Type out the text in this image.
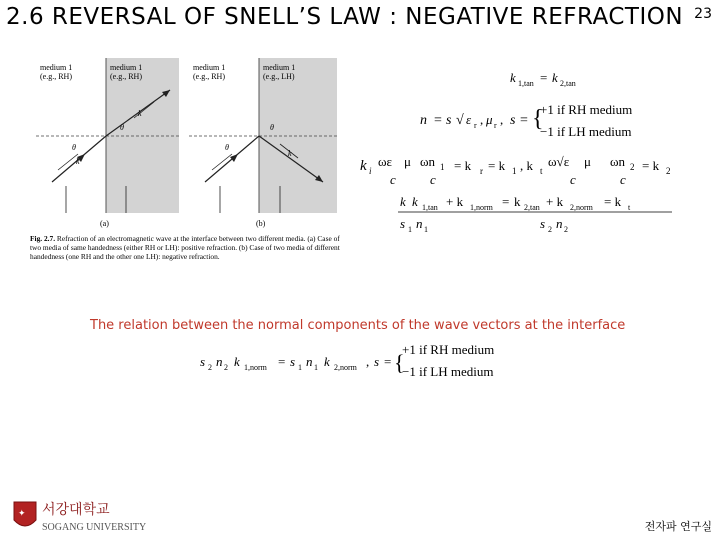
2.6 REVERSAL OF SNELL’S LAW : NEGATIVE REFRACTION 23
θ
k
θ
k
θ
θ
k
medium 1
(e.g., RH)
medium 1
(e.g., RH)
medium 1
(e.g., RH)
medium 1
(e.g., LH)
(a)	(b)
Fig. 2.7. Refraction of an electromagnetic wave at the interface between two different media. (a) Case of two media of same handedness (either RH or LH): positive refraction. (b) Case of two media of different handedness (one RH and the other one LH): negative refraction.
k 1,tan = k 2,tan
n = s √ ε r , μ r , s = {
+1 if RH medium
−1 if LH medium
k i
ωε μ ωn 1 = k r = k 1 , k t
ω√ε μ ωn 2 = k 2
c	c	c	c
k k 1,tan + k 1,norm = k 2,tan + k 2,norm = k t
s 1 n 1	s 2 n 2
The relation between the normal components of the wave vectors at the interface
s 2 n 2 k 1,norm = s 1 n 1 k 2,norm , s = {
+1 if RH medium
−1 if LH medium
✦ 서강대학교
SOGANG UNIVERSITY	전자파 연구실
